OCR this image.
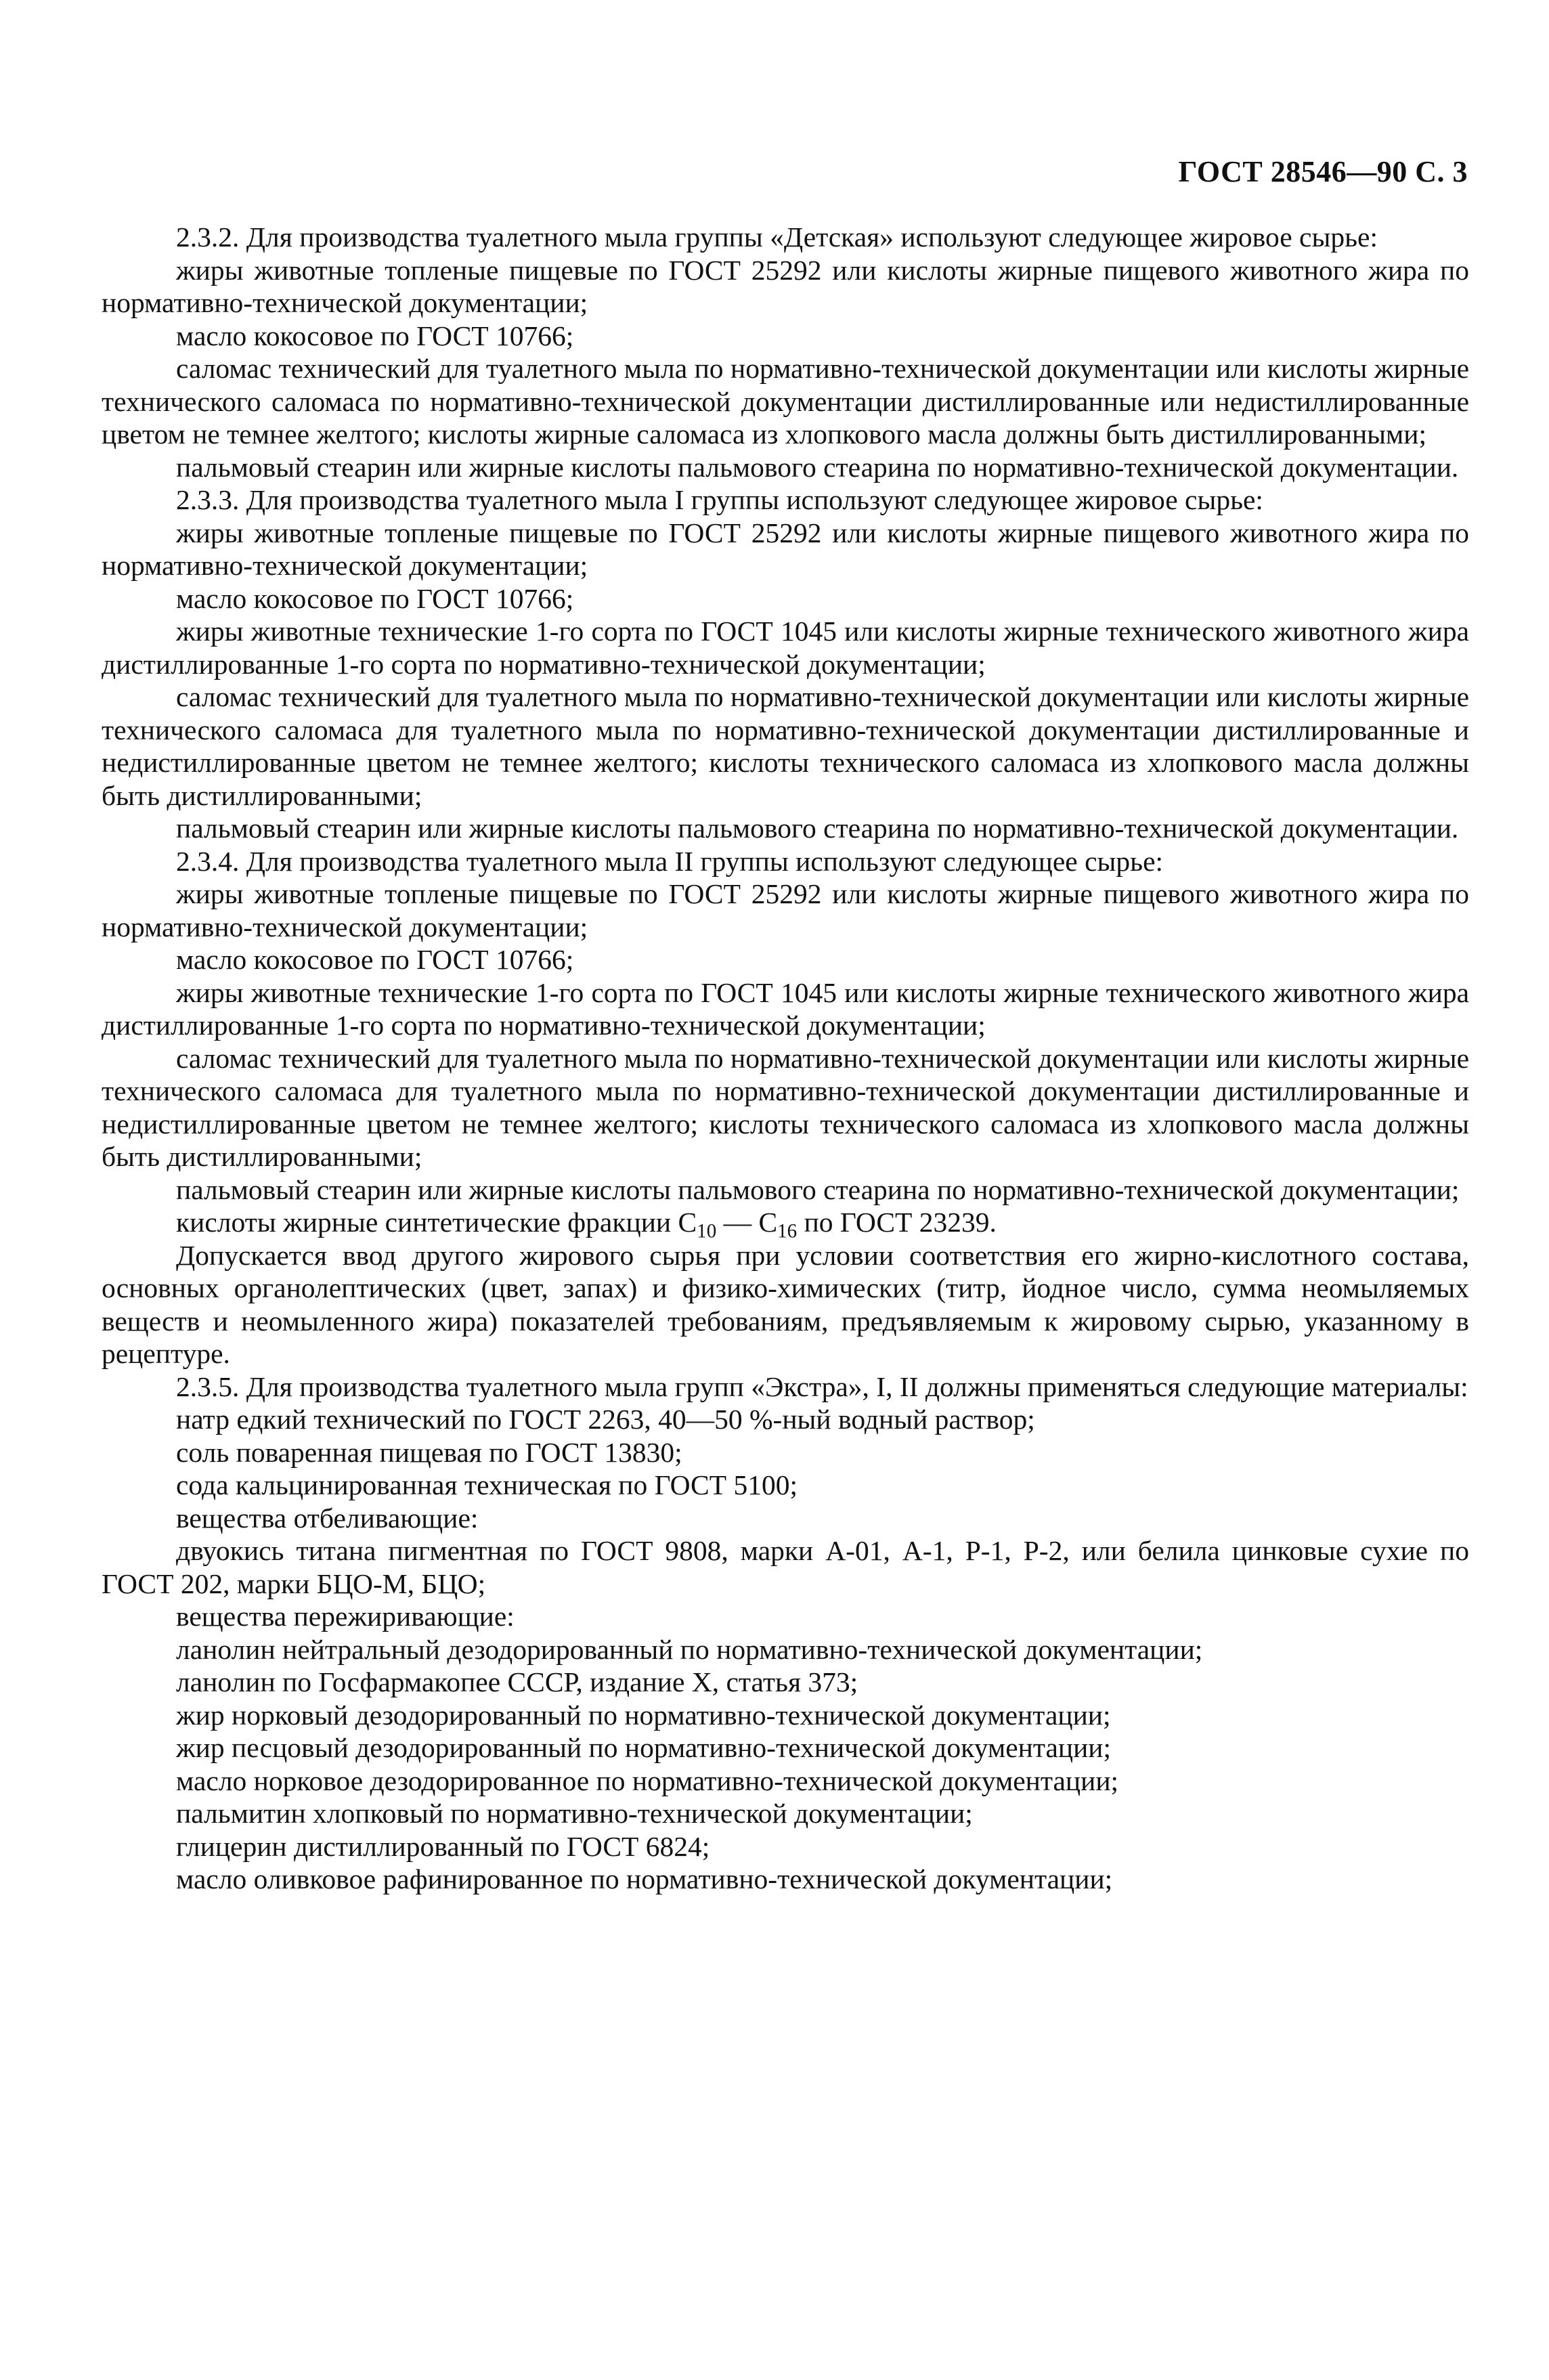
ГОСТ 28546—90 С. 3

2.3.2. Для производства туалетного мыла группы «Детская» используют следующее жировое сырье:

жиры животные топленые пищевые по ГОСТ 25292 или кислоты жирные пищевого животного жира по нормативно-технической документации;

масло кокосовое по ГОСТ 10766;

саломас технический для туалетного мыла по нормативно-технической документации или кислоты жирные технического саломаса по нормативно-технической документации дистиллированные или недистиллированные цветом не темнее желтого; кислоты жирные саломаса из хлопкового масла должны быть дистиллированными;

пальмовый стеарин или жирные кислоты пальмового стеарина по нормативно-технической документации.

2.3.3. Для производства туалетного мыла I группы используют следующее жировое сырье:

жиры животные топленые пищевые по ГОСТ 25292 или кислоты жирные пищевого животного жира по нормативно-технической документации;

масло кокосовое по ГОСТ 10766;

жиры животные технические 1-го сорта по ГОСТ 1045 или кислоты жирные технического животного жира дистиллированные 1-го сорта по нормативно-технической документации;

саломас технический для туалетного мыла по нормативно-технической документации или кислоты жирные технического саломаса для туалетного мыла по нормативно-технической документации дистиллированные и недистиллированные цветом не темнее желтого; кислоты технического саломаса из хлопкового масла должны быть дистиллированными;

пальмовый стеарин или жирные кислоты пальмового стеарина по нормативно-технической документации.

2.3.4. Для производства туалетного мыла II группы используют следующее сырье:

жиры животные топленые пищевые по ГОСТ 25292 или кислоты жирные пищевого животного жира по нормативно-технической документации;

масло кокосовое по ГОСТ 10766;

жиры животные технические 1-го сорта по ГОСТ 1045 или кислоты жирные технического животного жира дистиллированные 1-го сорта по нормативно-технической документации;

саломас технический для туалетного мыла по нормативно-технической документации или кислоты жирные технического саломаса для туалетного мыла по нормативно-технической документации дистиллированные и недистиллированные цветом не темнее желтого; кислоты технического саломаса из хлопкового масла должны быть дистиллированными;

пальмовый стеарин или жирные кислоты пальмового стеарина по нормативно-технической документации;

кислоты жирные синтетические фракции $С_{10}$ — $С_{16}$ по ГОСТ 23239.

Допускается ввод другого жирового сырья при условии соответствия его жирно-кислотного состава, основных органолептических (цвет, запах) и физико-химических (титр, йодное число, сумма неомыляемых веществ и неомыленного жира) показателей требованиям, предъявляемым к жировому сырью, указанному в рецептуре.

2.3.5. Для производства туалетного мыла групп «Экстра», I, II должны применяться следующие материалы:

натр едкий технический по ГОСТ 2263, 40—50 %-ный водный раствор;

соль поваренная пищевая по ГОСТ 13830;

сода кальцинированная техническая по ГОСТ 5100;

вещества отбеливающие:

двуокись титана пигментная по ГОСТ 9808, марки А-01, А-1, Р-1, Р-2, или белила цинковые сухие по ГОСТ 202, марки БЦО-М, БЦО;

вещества пережиривающие:

ланолин нейтральный дезодорированный по нормативно-технической документации;

ланолин по Госфармакопее СССР, издание X, статья 373;

жир норковый дезодорированный по нормативно-технической документации;

жир песцовый дезодорированный по нормативно-технической документации;

масло норковое дезодорированное по нормативно-технической документации;

пальмитин хлопковый по нормативно-технической документации;

глицерин дистиллированный по ГОСТ 6824;

масло оливковое рафинированное по нормативно-технической документации;
